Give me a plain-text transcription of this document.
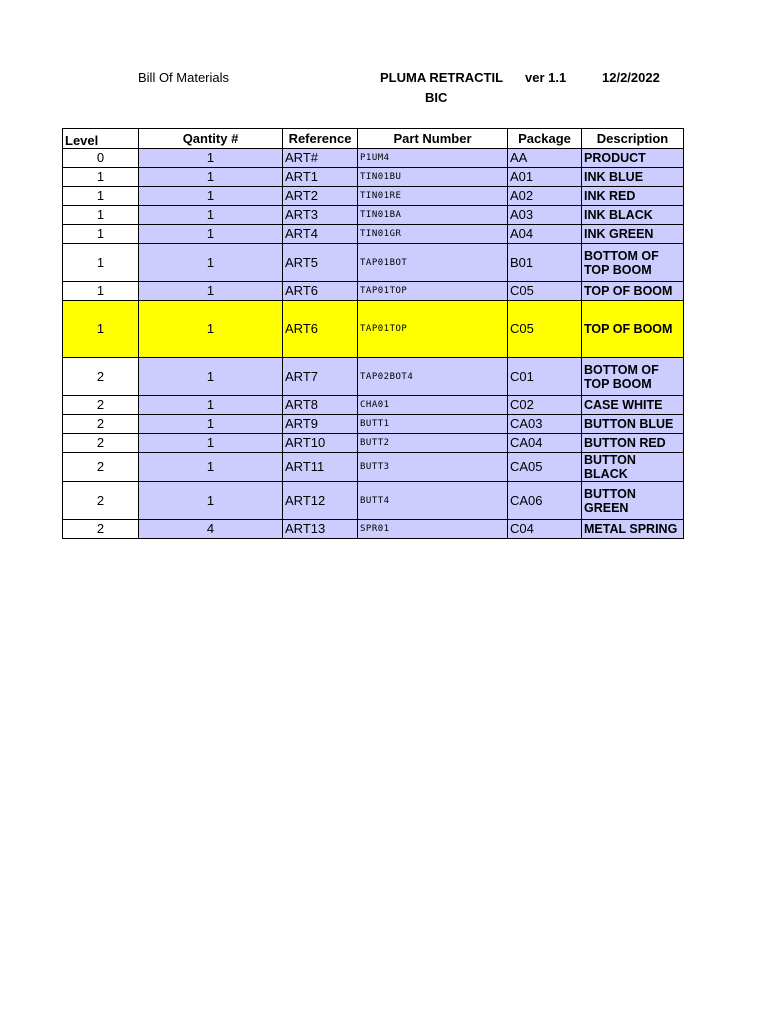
Bill Of Materials	PLUMA RETRACTIL
BIC
ver 1.1	12/2/2022
Level	Qantity #	Reference	Part Number	Package	Description
0	1	ART#	P1UM4	AA	PRODUCT
1	1	ART1	TIN01BU	A01	INK BLUE
1	1	ART2	TIN01RE	A02	INK RED
1	1	ART3	TIN01BA	A03	INK BLACK
1	1	ART4	TIN01GR	A04	INK GREEN
1	1	ART5	TAP01BOT	B01	BOTTOM OF TOP BOOM
1	1	ART6	TAP01TOP	C05	TOP OF BOOM
1	1	ART6	TAP01TOP	C05	TOP OF BOOM
2	1	ART7	TAP02BOT4	C01	BOTTOM OF TOP BOOM
2	1	ART8	CHA01	C02	CASE WHITE
2	1	ART9	BUTT1	CA03	BUTTON BLUE
2	1	ART10	BUTT2	CA04	BUTTON RED
2	1	ART11	BUTT3	CA05	BUTTON BLACK
2	1	ART12	BUTT4	CA06	BUTTON GREEN
2	4	ART13	SPR01	C04	METAL SPRING
